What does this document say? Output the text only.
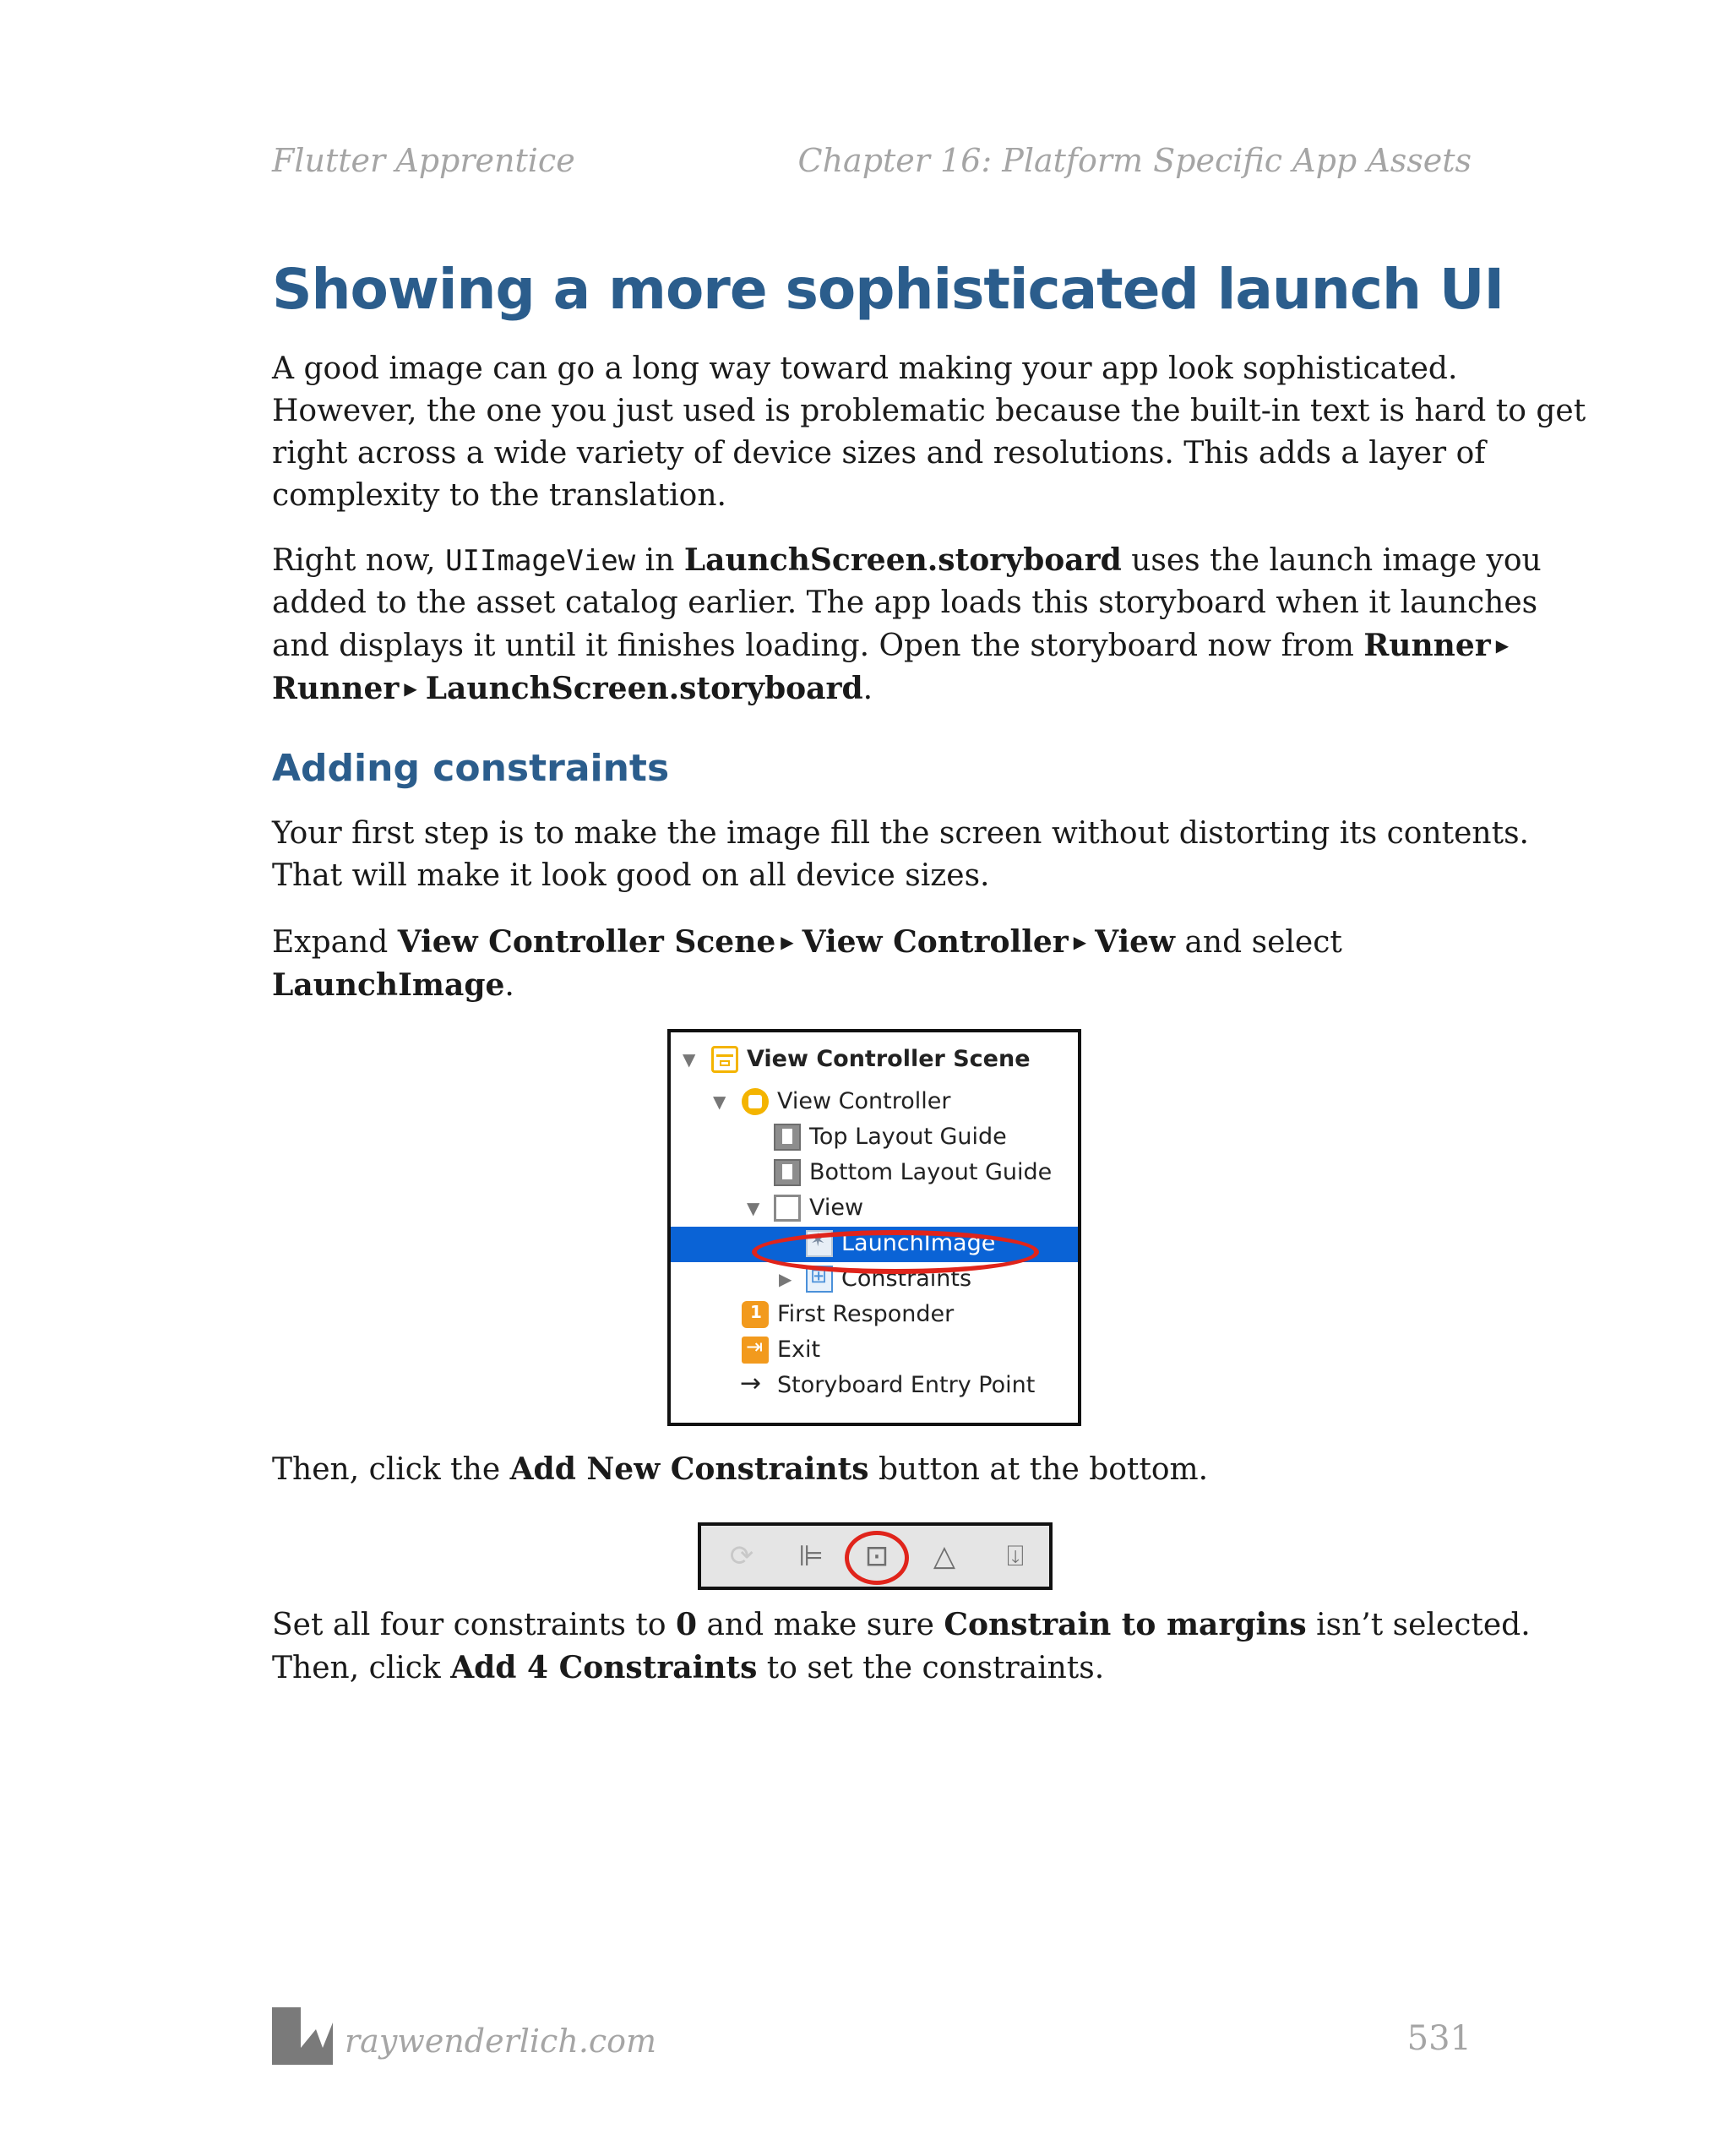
Flutter Apprentice	Chapter 16: Platform Specific App Assets
Showing a more sophisticated launch UI
A good image can go a long way toward making your app look sophisticated.
However, the one you just used is problematic because the built-in text is hard to get
right across a wide variety of device sizes and resolutions. This adds a layer of
complexity to the translation.
Right now, UIImageView in LaunchScreen.storyboard uses the launch image you
added to the asset catalog earlier. The app loads this storyboard when it launches
and displays it until it finishes loading. Open the storyboard now from Runner ▶
Runner ▶ LaunchScreen.storyboard.
Adding constraints
Your first step is to make the image fill the screen without distorting its contents.
That will make it look good on all device sizes.
Expand View Controller Scene ▶ View Controller ▶ View and select
LaunchImage.
▼ View Controller Scene
▼ View Controller
Top Layout Guide
Bottom Layout Guide
▼ View
✶
LaunchImage
▶
⊞ Constraints
1
First Responder
⇥
Exit
→ Storyboard Entry Point
Then, click the Add New Constraints button at the bottom.
⟳	⊫	⊡	△	⍗
Set all four constraints to 0 and make sure Constrain to margins isn’t selected.
Then, click Add 4 Constraints to set the constraints.
raywenderlich.com	531
